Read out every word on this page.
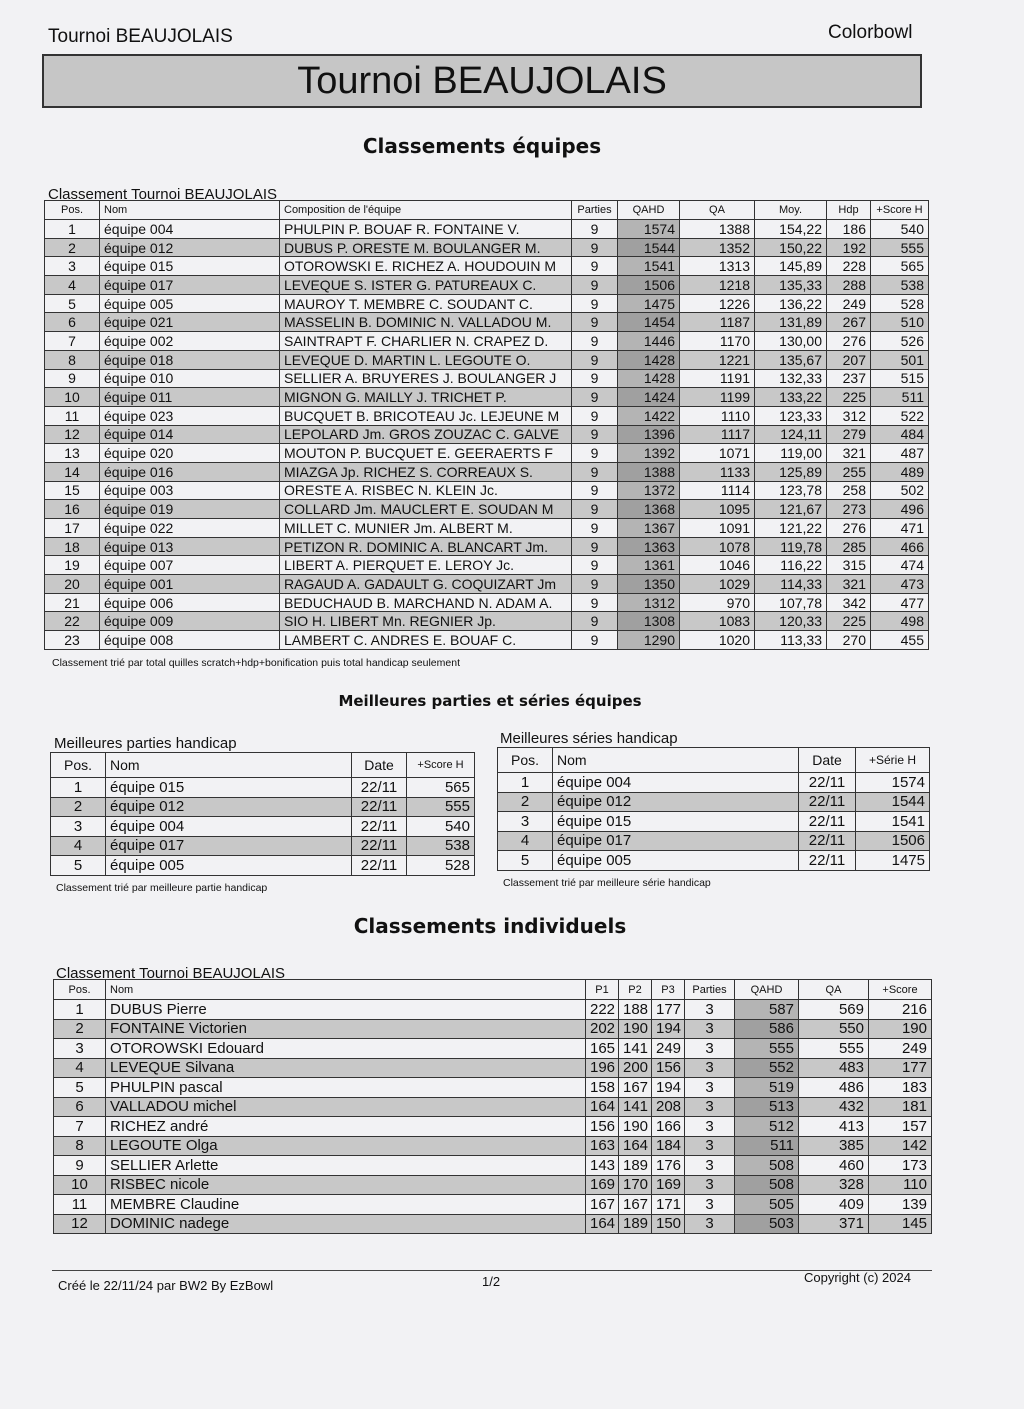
Tournoi BEAUJOLAIS	Colorbowl
Tournoi BEAUJOLAIS
Classements équipes
Classement Tournoi BEAUJOLAIS
Pos.	Nom	Composition de l'équipe	Parties	QAHD	QA	Moy.	Hdp	+Score H
1	équipe 004	PHULPIN P. BOUAF R. FONTAINE V.	9	1574	1388	154,22	186	540
2	équipe 012	DUBUS P. ORESTE M. BOULANGER M.	9	1544	1352	150,22	192	555
3	équipe 015	OTOROWSKI E. RICHEZ A. HOUDOUIN M	9	1541	1313	145,89	228	565
4	équipe 017	LEVEQUE S. ISTER G. PATUREAUX C.	9	1506	1218	135,33	288	538
5	équipe 005	MAUROY T. MEMBRE C. SOUDANT C.	9	1475	1226	136,22	249	528
6	équipe 021	MASSELIN B. DOMINIC N. VALLADOU M.	9	1454	1187	131,89	267	510
7	équipe 002	SAINTRAPT F. CHARLIER N. CRAPEZ D.	9	1446	1170	130,00	276	526
8	équipe 018	LEVEQUE D. MARTIN L. LEGOUTE O.	9	1428	1221	135,67	207	501
9	équipe 010	SELLIER A. BRUYERES J. BOULANGER J	9	1428	1191	132,33	237	515
10	équipe 011	MIGNON G. MAILLY J. TRICHET P.	9	1424	1199	133,22	225	511
11	équipe 023	BUCQUET B. BRICOTEAU Jc. LEJEUNE M	9	1422	1110	123,33	312	522
12	équipe 014	LEPOLARD Jm. GROS ZOUZAC C. GALVE	9	1396	1117	124,11	279	484
13	équipe 020	MOUTON P. BUCQUET E. GEERAERTS F	9	1392	1071	119,00	321	487
14	équipe 016	MIAZGA Jp. RICHEZ S. CORREAUX S.	9	1388	1133	125,89	255	489
15	équipe 003	ORESTE A. RISBEC N. KLEIN Jc.	9	1372	1114	123,78	258	502
16	équipe 019	COLLARD Jm. MAUCLERT E. SOUDAN M	9	1368	1095	121,67	273	496
17	équipe 022	MILLET C. MUNIER Jm. ALBERT M.	9	1367	1091	121,22	276	471
18	équipe 013	PETIZON R. DOMINIC A. BLANCART Jm.	9	1363	1078	119,78	285	466
19	équipe 007	LIBERT A. PIERQUET E. LEROY Jc.	9	1361	1046	116,22	315	474
20	équipe 001	RAGAUD A. GADAULT G. COQUIZART Jm	9	1350	1029	114,33	321	473
21	équipe 006	BEDUCHAUD B. MARCHAND N. ADAM A.	9	1312	970	107,78	342	477
22	équipe 009	SIO H. LIBERT Mn. REGNIER Jp.	9	1308	1083	120,33	225	498
23	équipe 008	LAMBERT C. ANDRES E. BOUAF C.	9	1290	1020	113,33	270	455
Classement trié par total quilles scratch+hdp+bonification puis total handicap seulement
Meilleures parties et séries équipes
Meilleures parties handicap
Pos.	Nom	Date	+Score H
1	équipe 015	22/11	565
2	équipe 012	22/11	555
3	équipe 004	22/11	540
4	équipe 017	22/11	538
5	équipe 005	22/11	528
Classement trié par meilleure partie handicap
Meilleures séries handicap
Pos.	Nom	Date	+Série H
1	équipe 004	22/11	1574
2	équipe 012	22/11	1544
3	équipe 015	22/11	1541
4	équipe 017	22/11	1506
5	équipe 005	22/11	1475
Classement trié par meilleure série handicap
Classements individuels
Classement Tournoi BEAUJOLAIS
Pos.	Nom	P1	P2	P3	Parties	QAHD	QA	+Score
1	DUBUS Pierre	222	188	177	3	587	569	216
2	FONTAINE Victorien	202	190	194	3	586	550	190
3	OTOROWSKI Edouard	165	141	249	3	555	555	249
4	LEVEQUE Silvana	196	200	156	3	552	483	177
5	PHULPIN pascal	158	167	194	3	519	486	183
6	VALLADOU michel	164	141	208	3	513	432	181
7	RICHEZ andré	156	190	166	3	512	413	157
8	LEGOUTE Olga	163	164	184	3	511	385	142
9	SELLIER Arlette	143	189	176	3	508	460	173
10	RISBEC nicole	169	170	169	3	508	328	110
11	MEMBRE Claudine	167	167	171	3	505	409	139
12	DOMINIC nadege	164	189	150	3	503	371	145
Créé le 22/11/24 par BW2 By EzBowl	1/2	Copyright (c) 2024
